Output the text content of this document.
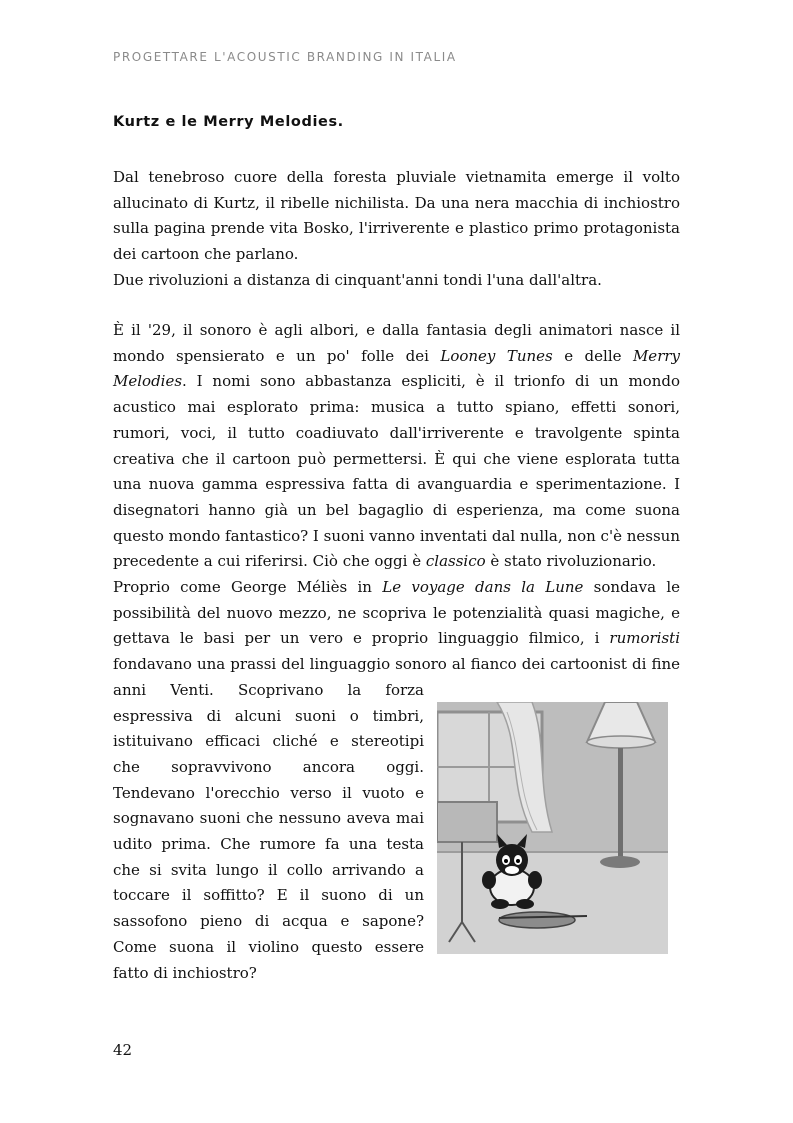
PROGETTARE L'ACOUSTIC BRANDING IN ITALIA
Kurtz e le Merry Melodies.

Dal tenebroso cuore della foresta pluviale vietnamita emerge il volto allucinato di Kurtz, il ribelle nichilista. Da una nera macchia di inchiostro sulla pagina prende vita Bosko, l'irriverente e plastico primo protagonista dei cartoon che parlano.

Due rivoluzioni a distanza di cinquant'anni tondi l'una dall'altra.

È il '29, il sonoro è agli albori, e dalla fantasia degli animatori nasce il mondo spensierato e un po' folle dei Looney Tunes e delle Merry Melodies. I nomi sono abbastanza espliciti, è il trionfo di un mondo acustico mai esplorato prima: musica a tutto spiano, effetti sonori, rumori, voci, il tutto coadiuvato dall'irriverente e travolgente spinta creativa che il cartoon può permettersi. È qui che viene esplorata tutta una nuova gamma espressiva fatta di avanguardia e sperimentazione. I disegnatori hanno già un bel bagaglio di esperienza, ma come suona questo mondo fantastico? I suoni vanno inventati dal nulla, non c'è nessun precedente a cui riferirsi. Ciò che oggi è classico è stato rivoluzionario.

Proprio come George Méliès in Le voyage dans la Lune sondava le possibilità del nuovo mezzo, ne scopriva le potenzialità quasi magiche, e gettava le basi per un vero e proprio linguaggio filmico, i rumoristi fondavano una prassi del linguaggio sonoro al fianco dei cartoonist di fine anni Venti. Scoprivano la forza espressiva di alcuni suoni o timbri, istituivano efficaci cliché e stereotipi che sopravvivono ancora oggi. Tendevano l'orecchio verso il vuoto e sognavano suoni che nessuno aveva mai udito prima. Che rumore fa una testa che si svita lungo il collo arrivando a toccare il soffitto? E il suono di un sassofono pieno di acqua e sapone? Come suona il violino questo essere fatto di inchiostro?

42
